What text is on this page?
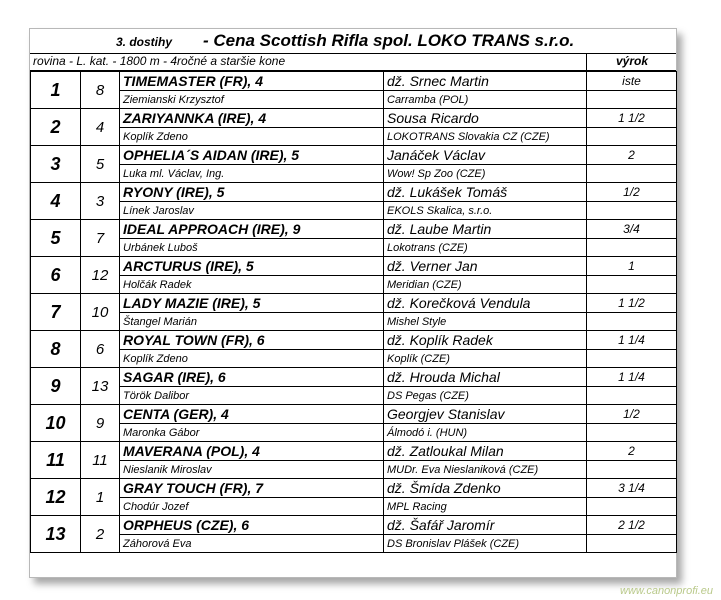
3. dostihy - Cena Scottish Rifla spol. LOKO TRANS s.r.o.
rovina - L. kat. - 1800 m - 4ročné a staršie kone	výrok
1	8	TIMEMASTER (FR), 4	dž. Srnec Martin	iste
		Ziemianski Krzysztof	Carramba (POL)	
2	4	ZARIYANNKA (IRE), 4	Sousa Ricardo	1 1/2
		Koplík Zdeno	LOKOTRANS Slovakia CZ (CZE)	
3	5	OPHELIA´S AIDAN (IRE), 5	Janáček Václav	2
		Luka ml. Václav, Ing.	Wow! Sp Zoo (CZE)	
4	3	RYONY (IRE), 5	dž. Lukášek Tomáš	1/2
		Línek Jaroslav	EKOLS Skalica, s.r.o.	
5	7	IDEAL APPROACH (IRE), 9	dž. Laube Martin	3/4
		Urbánek Luboš	Lokotrans (CZE)	
6	12	ARCTURUS (IRE), 5	dž. Verner Jan	1
		Holčák Radek	Meridian (CZE)	
7	10	LADY MAZIE (IRE), 5	dž. Korečková Vendula	1 1/2
		Štangel Marián	Mishel Style	
8	6	ROYAL TOWN (FR), 6	dž. Koplík Radek	1 1/4
		Koplík Zdeno	Koplík (CZE)	
9	13	SAGAR (IRE), 6	dž. Hrouda Michal	1 1/4
		Török Dalibor	DS Pegas (CZE)	
10	9	CENTA (GER), 4	Georgjev Stanislav	1/2
		Maronka Gábor	Álmodó i. (HUN)	
11	11	MAVERANA (POL), 4	dž. Zatloukal Milan	2
		Nieslanik Miroslav	MUDr. Eva Nieslaniková (CZE)	
12	1	GRAY TOUCH (FR), 7	dž. Šmída Zdenko	3 1/4
		Chodúr Jozef	MPL Racing	
13	2	ORPHEUS (CZE), 6	dž. Šafář Jaromír	2 1/2
		Záhorová Eva	DS Bronislav Plášek (CZE)	
www.canonprofi.eu
